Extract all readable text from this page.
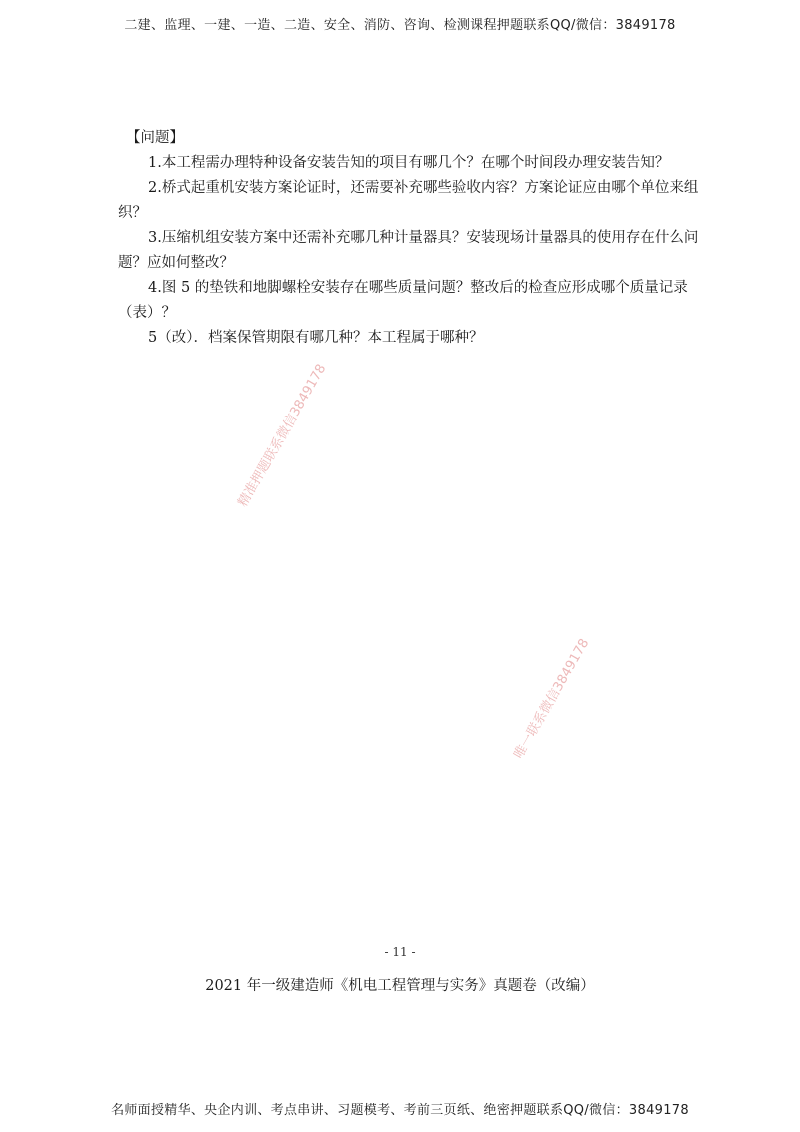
二建、监理、一建、一造、二造、安全、消防、咨询、检测课程押题联系QQ/微信：3849178

【问题】

1.本工程需办理特种设备安装告知的项目有哪几个？在哪个时间段办理安装告知？

2.桥式起重机安装方案论证时，还需要补充哪些验收内容？方案论证应由哪个单位来组织？

3.压缩机组安装方案中还需补充哪几种计量器具？安装现场计量器具的使用存在什么问题？应如何整改？

4.图 5 的垫铁和地脚螺栓安装存在哪些质量问题？整改后的检查应形成哪个质量记录（表）？

5（改）．档案保管期限有哪几种？本工程属于哪种？

精准押题联系微信3849178
唯一联系微信3849178
- 11 -
2021 年一级建造师《机电工程管理与实务》真题卷（改编）
名师面授精华、央企内训、考点串讲、习题模考、考前三页纸、绝密押题联系QQ/微信：3849178
